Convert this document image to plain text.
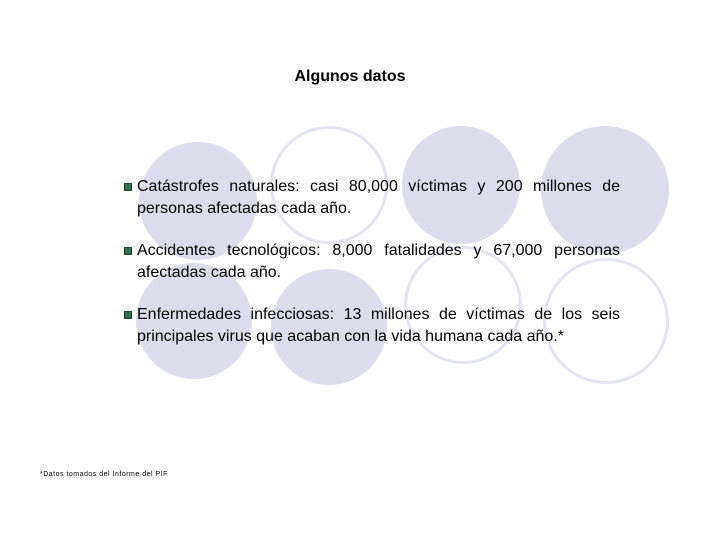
Algunos datos
Catástrofes naturales: casi 80,000 víctimas y 200 millones de personas afectadas cada año.
Accidentes tecnológicos: 8,000 fatalidades y 67,000 personas afectadas cada año.
Enfermedades infecciosas: 13 millones de víctimas de los seis principales virus que acaban con la vida humana cada año.*
*Datos tomados del Informe del PIF
